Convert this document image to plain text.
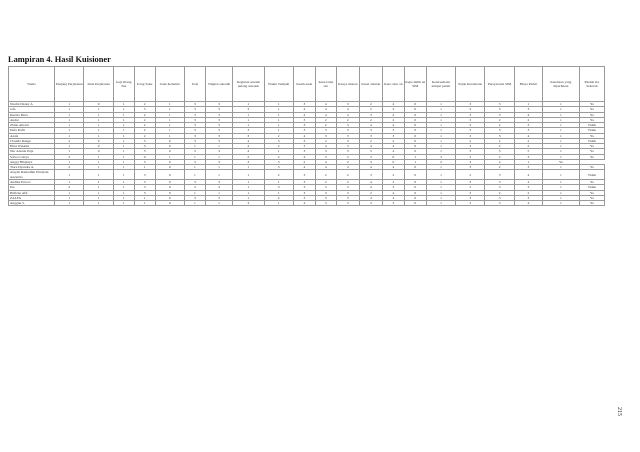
Lampiran 4. Hasil Kuisioner
Nama	Panjang Perjalanan	Jenis Perjalanan	Gaji Orang Tua	Uang Saku	Jenis Kelamin	Usia	Tingkat sekolah	Kegiatan setelah pulang sekolah	Waktu Tempuh	Keam anan	Kese lama tan	Kenya manan	Kesel amatan	Kete ratur an	Kepe milik an SIM	Ketersediaan tempat parkir	Pajak Kendaraan	Persyaratan SIM	Biaya Parkir	Ketelatan yang diperlukan	Pindah Ke Sekolah
Naufal Dzaky A	1	0	1	2	1	3	3	1	1	3	4	3	2	4	0	1	3	3	1	1	Ya
rafa	1	1	1	3	1	3	3	3	1	4	4	4	5	3	0	1	3	3	3	1	Ya
Kurnia Putra	1	1	1	2	1	3	3	1	1	4	4	4	3	4	0	1	3	3	4	1	Ya
André	1	1	1	2	1	3	3	1	1	3	2	2	2	2	0	1	3	2	2	1	Ya
Zidan Alirani	1	1	1	2	1	3	3	1	1	3	2	3	4	4	0	1	3	2	3	1	Tidak
Dafa Rafli	1	1	1	2	1	3	3	3	1	3	3	3	3	3	0	1	3	3	3	1	Tidak
Azala	1	1	1	2	1	3	3	3	2	4	3	3	3	3	0	1	2	3	4	1	Ya
Claudia Rengu	2	0	1	3	0	3	3	4	3	3	2	3	2	2	0	1	2	2	2	1	Tidak
Hani Wuskita	1	0	1	3	0	1	1	4	2	3	4	3	4	4	0	1	3	2	2	1	Ya
Nur Adenia Puja	1	0	1	3	0	3	3	4	1	3	3	3	5	4	0	1	3	3	5	1	Ya
Salwa Clarya	2	1	1	0	1	1	1	2	2	4	3	2	3	0	1	3	3	2	3	1	Ya
Anggi Bilqistya	1	1	1	3	0	3	3	3	3	2	4	2	3	0	1	2	3	4	1	Ya	
Tiara Dyandra A.	2	1	1	1	0	1	1	1	3	4	4	4	4	4	0	1	3	2	3	1	Ya
Aisyah Ramadhin Pindyani Azzyntia	1	1	1	3	0	1	1	1	2	3	2	2	3	2	0	1	2	3	4	1	Tidak
Andika Ertea I	1	1	1	3	0	3	3	1	1	3	2	2	4	2	0	1	3	3	4	1	Ya
Ina	2	1	1	3	0	3	3	1	3	3	3	3	4	3	0	1	2	3	3	1	Tidak
Hafizna Afif	1	1	1	3	0	1	1	1	1	3	3	3	2	4	0	1	3	2	2	1	Ya
ZALFA	1	1	1	1	0	3	3	1	2	3	3	3	4	4	0	1	3	3	3	1	Ya
Anggun S.	1	1	1	1	0	1	1	3	1	4	5	3	3	3	0	1	3	3	4	1	Ya
215
